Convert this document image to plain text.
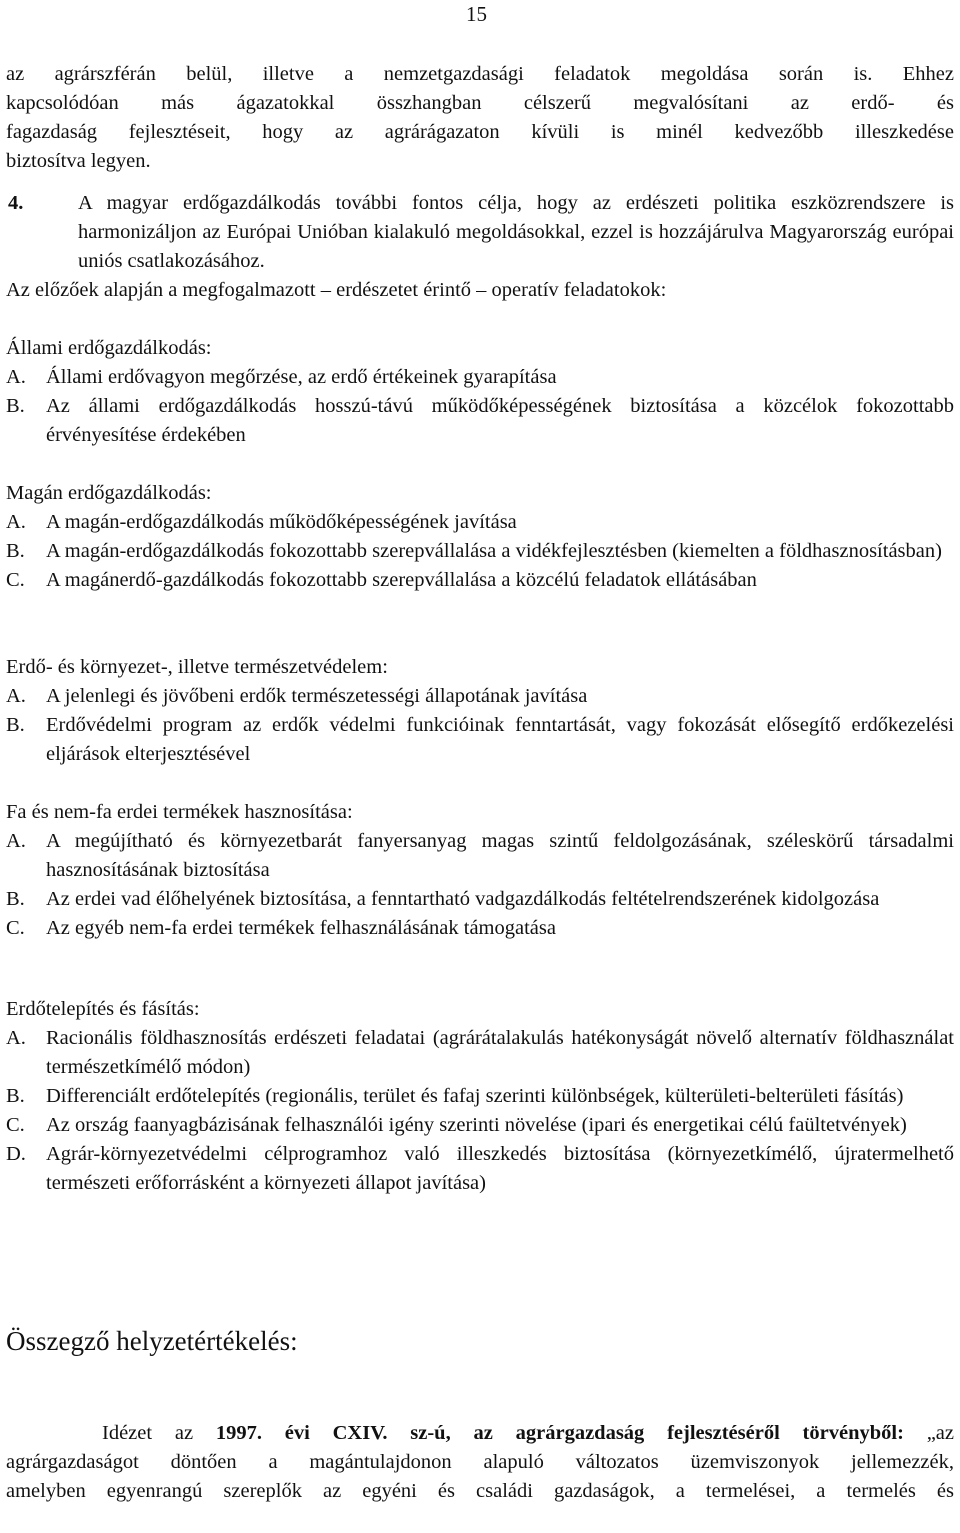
15
az agrárszférán belül, illetve a nemzetgazdasági feladatok megoldása során is. Ehhez
kapcsolódóan más ágazatokkal összhangban célszerű megvalósítani az erdő- és
fagazdaság fejlesztéseit, hogy az agrárágazaton kívüli is minél kedvezőbb illeszkedése
biztosítva legyen.
4.	A magyar erdőgazdálkodás további fontos célja, hogy az erdészeti politika eszközrendszere is harmonizáljon az Európai Unióban kialakuló megoldásokkal, ezzel is hozzájárulva Magyarország európai uniós csatlakozásához.
Az előzőek alapján a megfogalmazott – erdészetet érintő – operatív feladatokok:
Állami erdőgazdálkodás:
A. Állami erdővagyon megőrzése, az erdő értékeinek gyarapítása
B. Az állami erdőgazdálkodás hosszú-távú működőképességének biztosítása a közcélok fokozottabb érvényesítése érdekében
Magán erdőgazdálkodás:
A. A magán-erdőgazdálkodás működőképességének javítása
B. A magán-erdőgazdálkodás fokozottabb szerepvállalása a vidékfejlesztésben (kiemelten a földhasznosításban)
C. A magánerdő-gazdálkodás fokozottabb szerepvállalása a közcélú feladatok ellátásában
Erdő- és környezet-, illetve természetvédelem:
A. A jelenlegi és jövőbeni erdők természetességi állapotának javítása
B. Erdővédelmi program az erdők védelmi funkcióinak fenntartását, vagy fokozását elősegítő erdőkezelési eljárások elterjesztésével
Fa és nem-fa erdei termékek hasznosítása:
A. A megújítható és környezetbarát fanyersanyag magas szintű feldolgozásának, széleskörű társadalmi hasznosításának biztosítása
B. Az erdei vad élőhelyének biztosítása, a fenntartható vadgazdálkodás feltételrendszerének kidolgozása
C. Az egyéb nem-fa erdei termékek felhasználásának támogatása
Erdőtelepítés és fásítás:
A. Racionális földhasznosítás erdészeti feladatai (agrárátalakulás hatékonyságát növelő alternatív földhasználat természetkímélő módon)
B. Differenciált erdőtelepítés (regionális, terület és fafaj szerinti különbségek, külterületi-belterületi fásítás)
C. Az ország faanyagbázisának felhasználói igény szerinti növelése (ipari és energetikai célú faültetvények)
D. Agrár-környezetvédelmi célprogramhoz való illeszkedés biztosítása (környezetkímélő, újratermelhető természeti erőforrásként a környezeti állapot javítása)
Összegző helyzetértékelés:
Idézet az 1997. évi CXIV. sz-ú, az agrárgazdaság fejlesztéséről törvényből: „az
agrárgazdaságot döntően a magántulajdonon alapuló változatos üzemviszonyok jellemezzék,
amelyben egyenrangú szereplők az egyéni és családi gazdaságok, a termelései, a termelés és
